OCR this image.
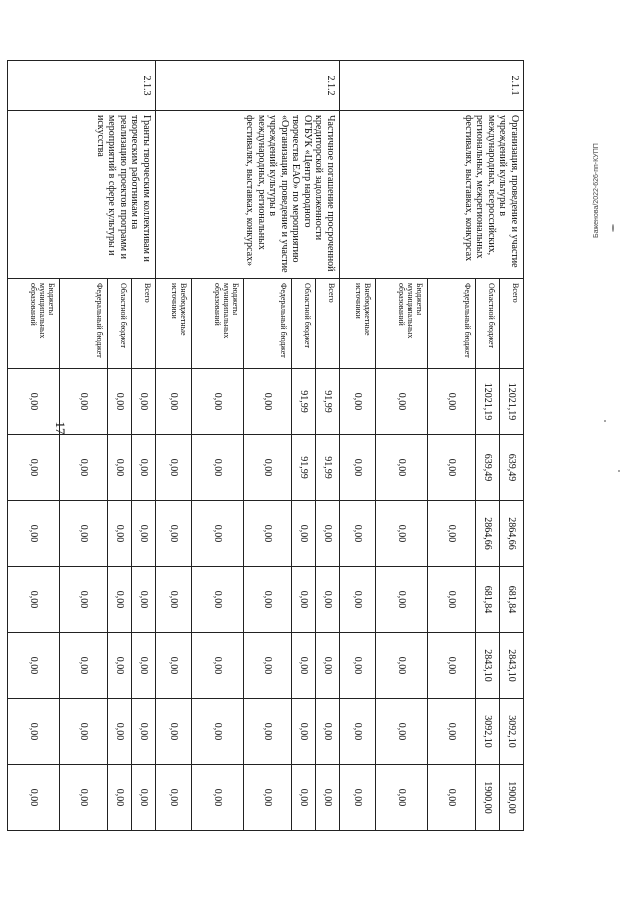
17
Баженова/2022-626-пп-КУПП
2.1.1	Организация, проведение и участие учреждений культуры в международных, всероссийских, региональных, межрегиональных фестивалях, выставках, конкурсах	Всего	12021,19	639,49	2864,66	681,84	2843,10	3092,10	1900,00
		Областной бюджет	12021,19	639,49	2864,66	681,84	2843,10	3092,10	1900,00
		Федеральный бюджет	0,00	0,00	0,00	0,00	0,00	0,00	0,00
		Бюджеты муниципальных образований	0,00	0,00	0,00	0,00	0,00	0,00	0,00
		Внебюджетные источники	0,00	0,00	0,00	0,00	0,00	0,00	0,00
2.1.2	Частичное погашение просроченной кредиторской задолженности ОГБУК «Центр народного творчества ЕАО» по мероприятию «Организация, проведение и участие учреждений культуры в международных, региональных фестивалях, выставках, конкурсах»	Всего	91,99	91,99	0,00	0,00	0,00	0,00	0,00
		Областной бюджет	91,99	91,99	0,00	0,00	0,00	0,00	0,00
		Федеральный бюджет	0,00	0,00	0,00	0,00	0,00	0,00	0,00
		Бюджеты муниципальных образований	0,00	0,00	0,00	0,00	0,00	0,00	0,00
		Внебюджетные источники	0,00	0,00	0,00	0,00	0,00	0,00	0,00
2.1.3	Гранты творческим коллективам и творческим работникам на реализацию проектов программ и мероприятий в сфере культуры и искусства	Всего	0,00	0,00	0,00	0,00	0,00	0,00	0,00
		Областной бюджет	0,00	0,00	0,00	0,00	0,00	0,00	0,00
		Федеральный бюджет	0,00	0,00	0,00	0,00	0,00	0,00	0,00
		Бюджеты муниципальных образований	0,00	0,00	0,00	0,00	0,00	0,00	0,00
